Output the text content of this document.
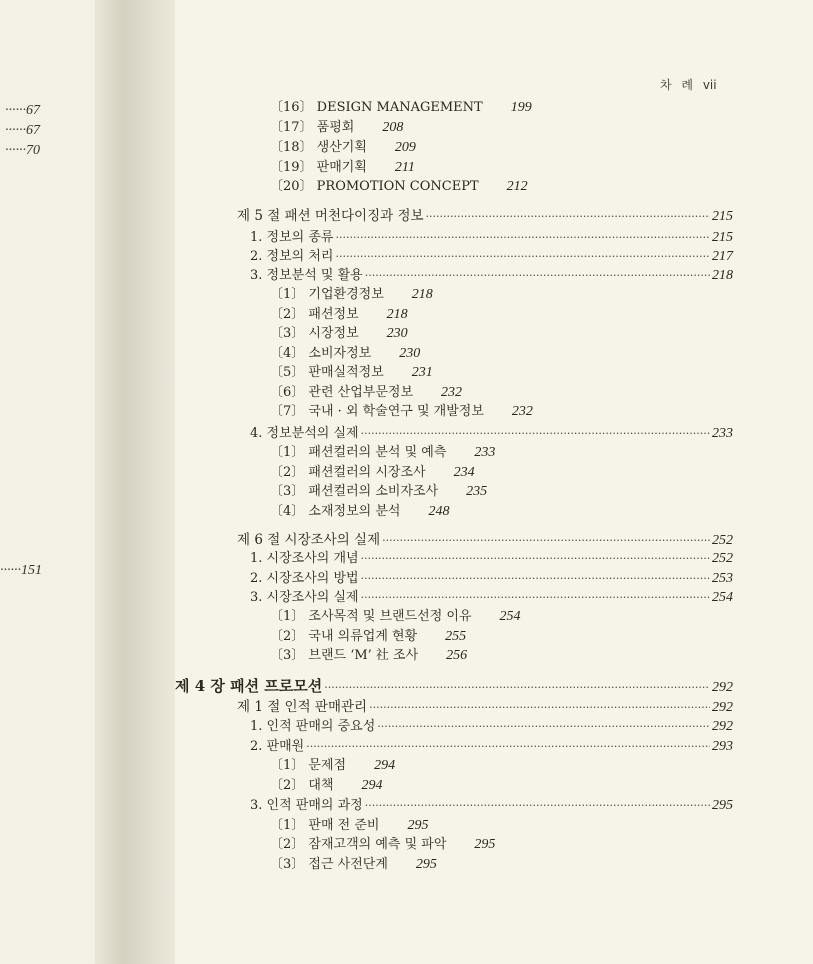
······67
······67
······70
······151
차 례 vii
〔16〕 DESIGN MANAGEMENT 199
〔17〕 품평회 208
〔18〕 생산기획 209
〔19〕 판매기획 211
〔20〕 PROMOTION CONCEPT 212
제 5 절 패션 머천다이징과 정보 ·····	215
1. 정보의 종류 ·····	215
2. 정보의 처리 ·····	217
3. 정보분석 및 활용 ·····	218
〔1〕 기업환경정보 218
〔2〕 패션정보 218
〔3〕 시장정보 230
〔4〕 소비자정보 230
〔5〕 판매실적정보 231
〔6〕 관련 산업부문정보 232
〔7〕 국내 · 외 학술연구 및 개발정보 232
4. 정보분석의 실제 ·····	233
〔1〕 패션컬러의 분석 및 예측 233
〔2〕 패션컬러의 시장조사 234
〔3〕 패션컬러의 소비자조사 235
〔4〕 소재정보의 분석 248
제 6 절 시장조사의 실제 ·····	252
1. 시장조사의 개념 ·····	252
2. 시장조사의 방법 ·····	253
3. 시장조사의 실제 ·····	254
〔1〕 조사목적 및 브랜드선정 이유 254
〔2〕 국내 의류업계 현황 255
〔3〕 브랜드 ‘M’ 社 조사 256
제 4 장 패션 프로모션 ·····	292
제 1 절 인적 판매관리 ·····	292
1. 인적 판매의 중요성 ·····	292
2. 판매원 ·····	293
〔1〕 문제점 294
〔2〕 대책 294
3. 인적 판매의 과정 ·····	295
〔1〕 판매 전 준비 295
〔2〕 잠재고객의 예측 및 파악 295
〔3〕 접근 사전단계 295
